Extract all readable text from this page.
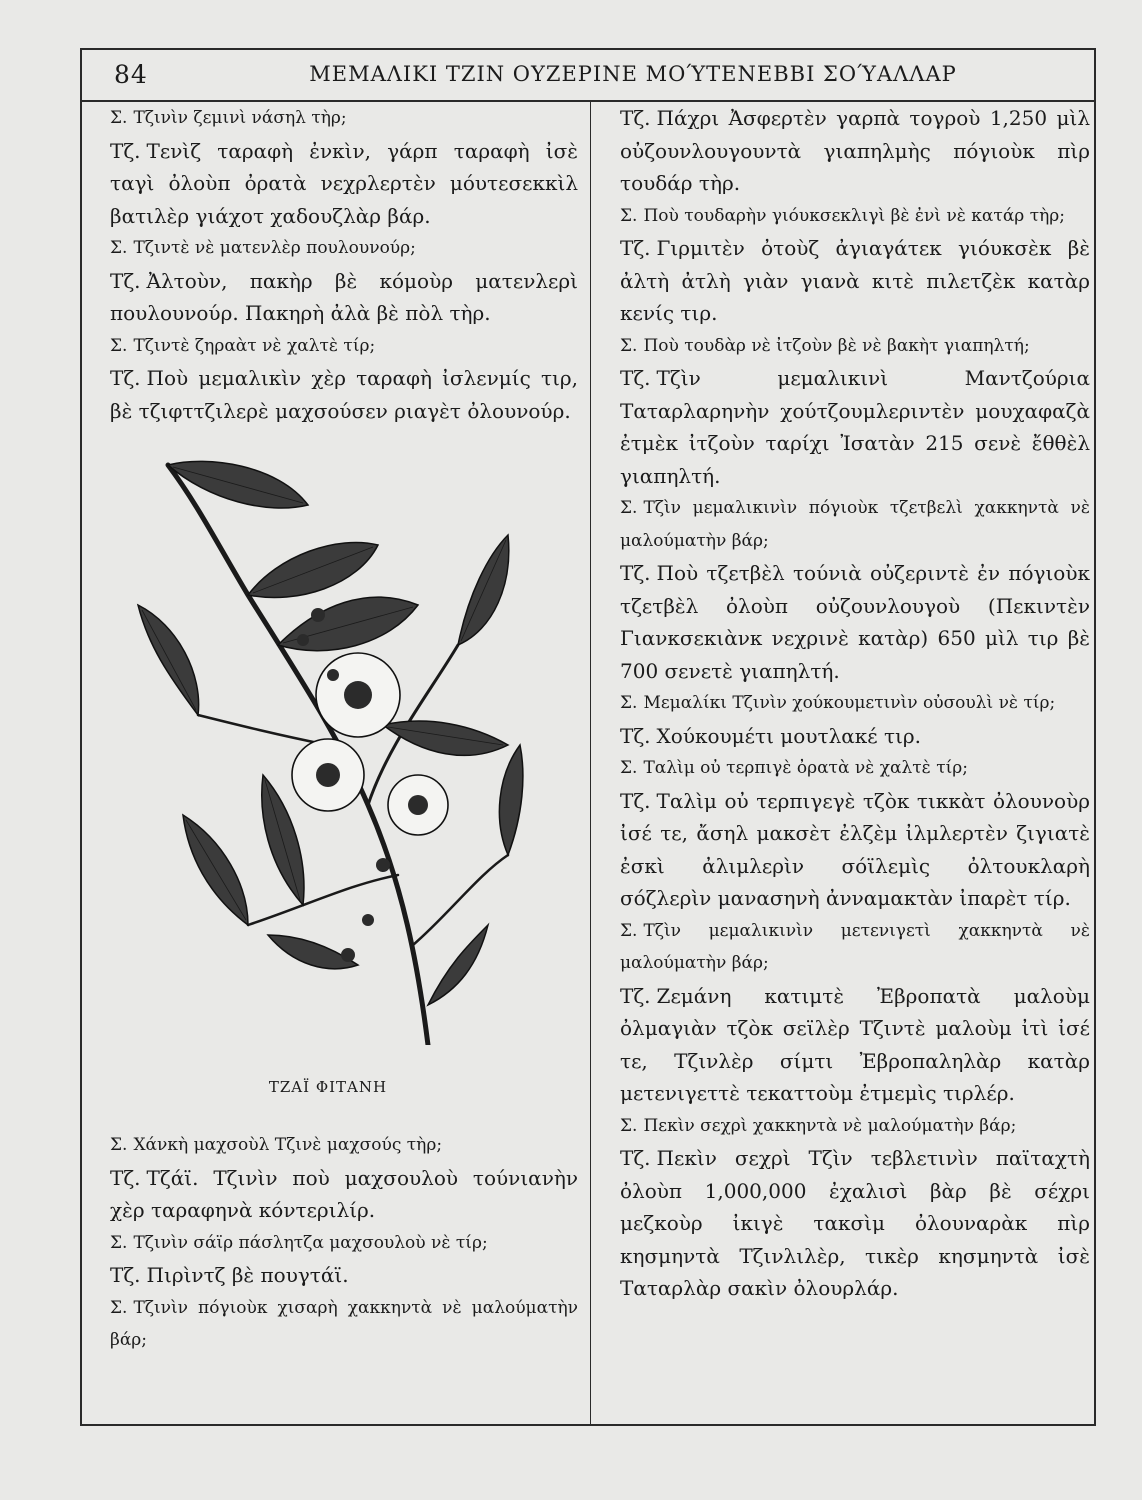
84	ΜΕΜΑΛΙΚΙ ΤΖΙΝ ΟΥΖΕΡΙΝΕ ΜΟΎΤΕΝΕΒΒΙ ΣΟΎΑΛΛΑΡ

Σ. Τζινὶν ζεμινὶ νάσηλ τὴρ;

Τζ. Τενὶζ ταραφὴ ἐνκὶν, γάρπ ταραφὴ ἰσὲ ταγὶ ὀλοὺπ ὀρατὰ νεχρλερτὲν μόυτεσεκκὶλ βατιλὲρ γιάχοτ χαδουζλὰρ βάρ.

Σ. Τζιντὲ νὲ ματενλὲρ πουλουνούρ;

Τζ. Ἀλτοὺν, πακὴρ βὲ κόμοὺρ ματενλερὶ πουλουνούρ. Πακηρὴ ἀλὰ βὲ πὸλ τὴρ.

Σ. Τζιντὲ ζηραὰτ νὲ χαλτὲ τίρ;

Τζ. Ποὺ μεμαλικὶν χὲρ ταραφὴ ἰσλενμίς τιρ, βὲ τζιφττζιλερὲ μαχσούσεν ριαγὲτ ὀλουνούρ.

ΤΖΑΪ ΦΙΤΑΝΗ

Σ. Χάνκὴ μαχσοὺλ Τζινὲ μαχσούς τὴρ;

Τζ. Τζάϊ. Τζινὶν ποὺ μαχσουλοὺ τούνιανὴν χὲρ ταραφηνὰ κόντεριλίρ.

Σ. Τζινὶν σάϊρ πάσλητζα μαχσουλοὺ νὲ τίρ;

Τζ. Πιρὶντζ βὲ πουγτάϊ.

Σ. Τζινὶν πόγιοὺκ χισαρὴ χακκηντὰ νὲ μαλούματὴν βάρ;

Τζ. Πάχρι Ἀσφερτὲν γαρπὰ τογροὺ 1,250 μὶλ οὐζουνλουγουντὰ γιαπηλμὴς πόγιοὺκ πὶρ τουδάρ τὴρ.

Σ. Ποὺ τουδαρὴν γιόυκσεκλιγὶ βὲ ἐνὶ νὲ κατάρ τὴρ;

Τζ. Γιρμιτὲν ὀτοὺζ ἀγιαγάτεκ γιόυκσὲκ βὲ ἀλτὴ ἀτλὴ γιὰν γιανὰ κιτὲ πιλετζὲκ κατὰρ κενίς τιρ.

Σ. Ποὺ τουδὰρ νὲ ἰτζοὺν βὲ νὲ βακὴτ γιαπηλτή;

Τζ. Τζὶν μεμαλικινὶ Μαντζούρια Ταταρλαρηνὴν χούτζουμλεριντὲν μουχαφαζὰ ἐτμὲκ ἰτζοὺν ταρίχι Ἰσατὰν 215 σενὲ ἔθθὲλ γιαπηλτή.

Σ. Τζὶν μεμαλικινὶν πόγιοὺκ τζετβελὶ χακκηντὰ νὲ μαλούματὴν βάρ;

Τζ. Ποὺ τζετβὲλ τούνιὰ οὐζεριντὲ ἐν πόγιοὺκ τζετβὲλ ὀλοὺπ οὐζουνλουγοὺ (Πεκιντὲν Γιανκσεκιὰνκ νεχρινὲ κατὰρ) 650 μὶλ τιρ βὲ 700 σενετὲ γιαπηλτή.

Σ. Μεμαλίκι Τζινὶν χούκουμετινὶν οὐσουλὶ νὲ τίρ;

Τζ. Χούκουμέτι μουτλακέ τιρ.

Σ. Ταλὶμ οὐ τερπιγὲ ὀρατὰ νὲ χαλτὲ τίρ;

Τζ. Ταλὶμ οὐ τερπιγεγὲ τζὸκ τικκὰτ ὀλουνοὺρ ἰσέ τε, ἄσηλ μακσὲτ ἐλζὲμ ἰλμλερτὲν ζιγιατὲ ἐσκὶ ἀλιμλερὶν σόϊλεμὶς ὀλτουκλαρὴ σόζλερὶν μανασηνὴ ἀνναμακτὰν ἰπαρὲτ τίρ.

Σ. Τζὶν μεμαλικινὶν μετενιγετὶ χακκηντὰ νὲ μαλούματὴν βάρ;

Τζ. Ζεμάνη κατιμτὲ Ἐβροπατὰ μαλοὺμ ὀλμαγιὰν τζὸκ σεϊλὲρ Τζιντὲ μαλοὺμ ἰτὶ ἰσέ τε, Τζινλὲρ σίμτι Ἐβροπαληλὰρ κατὰρ μετενιγεττὲ τεκαττοὺμ ἐτμεμὶς τιρλέρ.

Σ. Πεκὶν σεχρὶ χακκηντὰ νὲ μαλούματὴν βάρ;

Τζ. Πεκὶν σεχρὶ Τζὶν τεβλετινὶν παϊταχτὴ ὀλοὺπ 1,000,000 ἐχαλισὶ βὰρ βὲ σέχρι μεζκοὺρ ἰκιγὲ τακσὶμ ὀλουναρὰκ πὶρ κησμηντὰ Τζινλιλὲρ, τικὲρ κησμηντὰ ἰσὲ Ταταρλὰρ σακὶν ὀλουρλάρ.
